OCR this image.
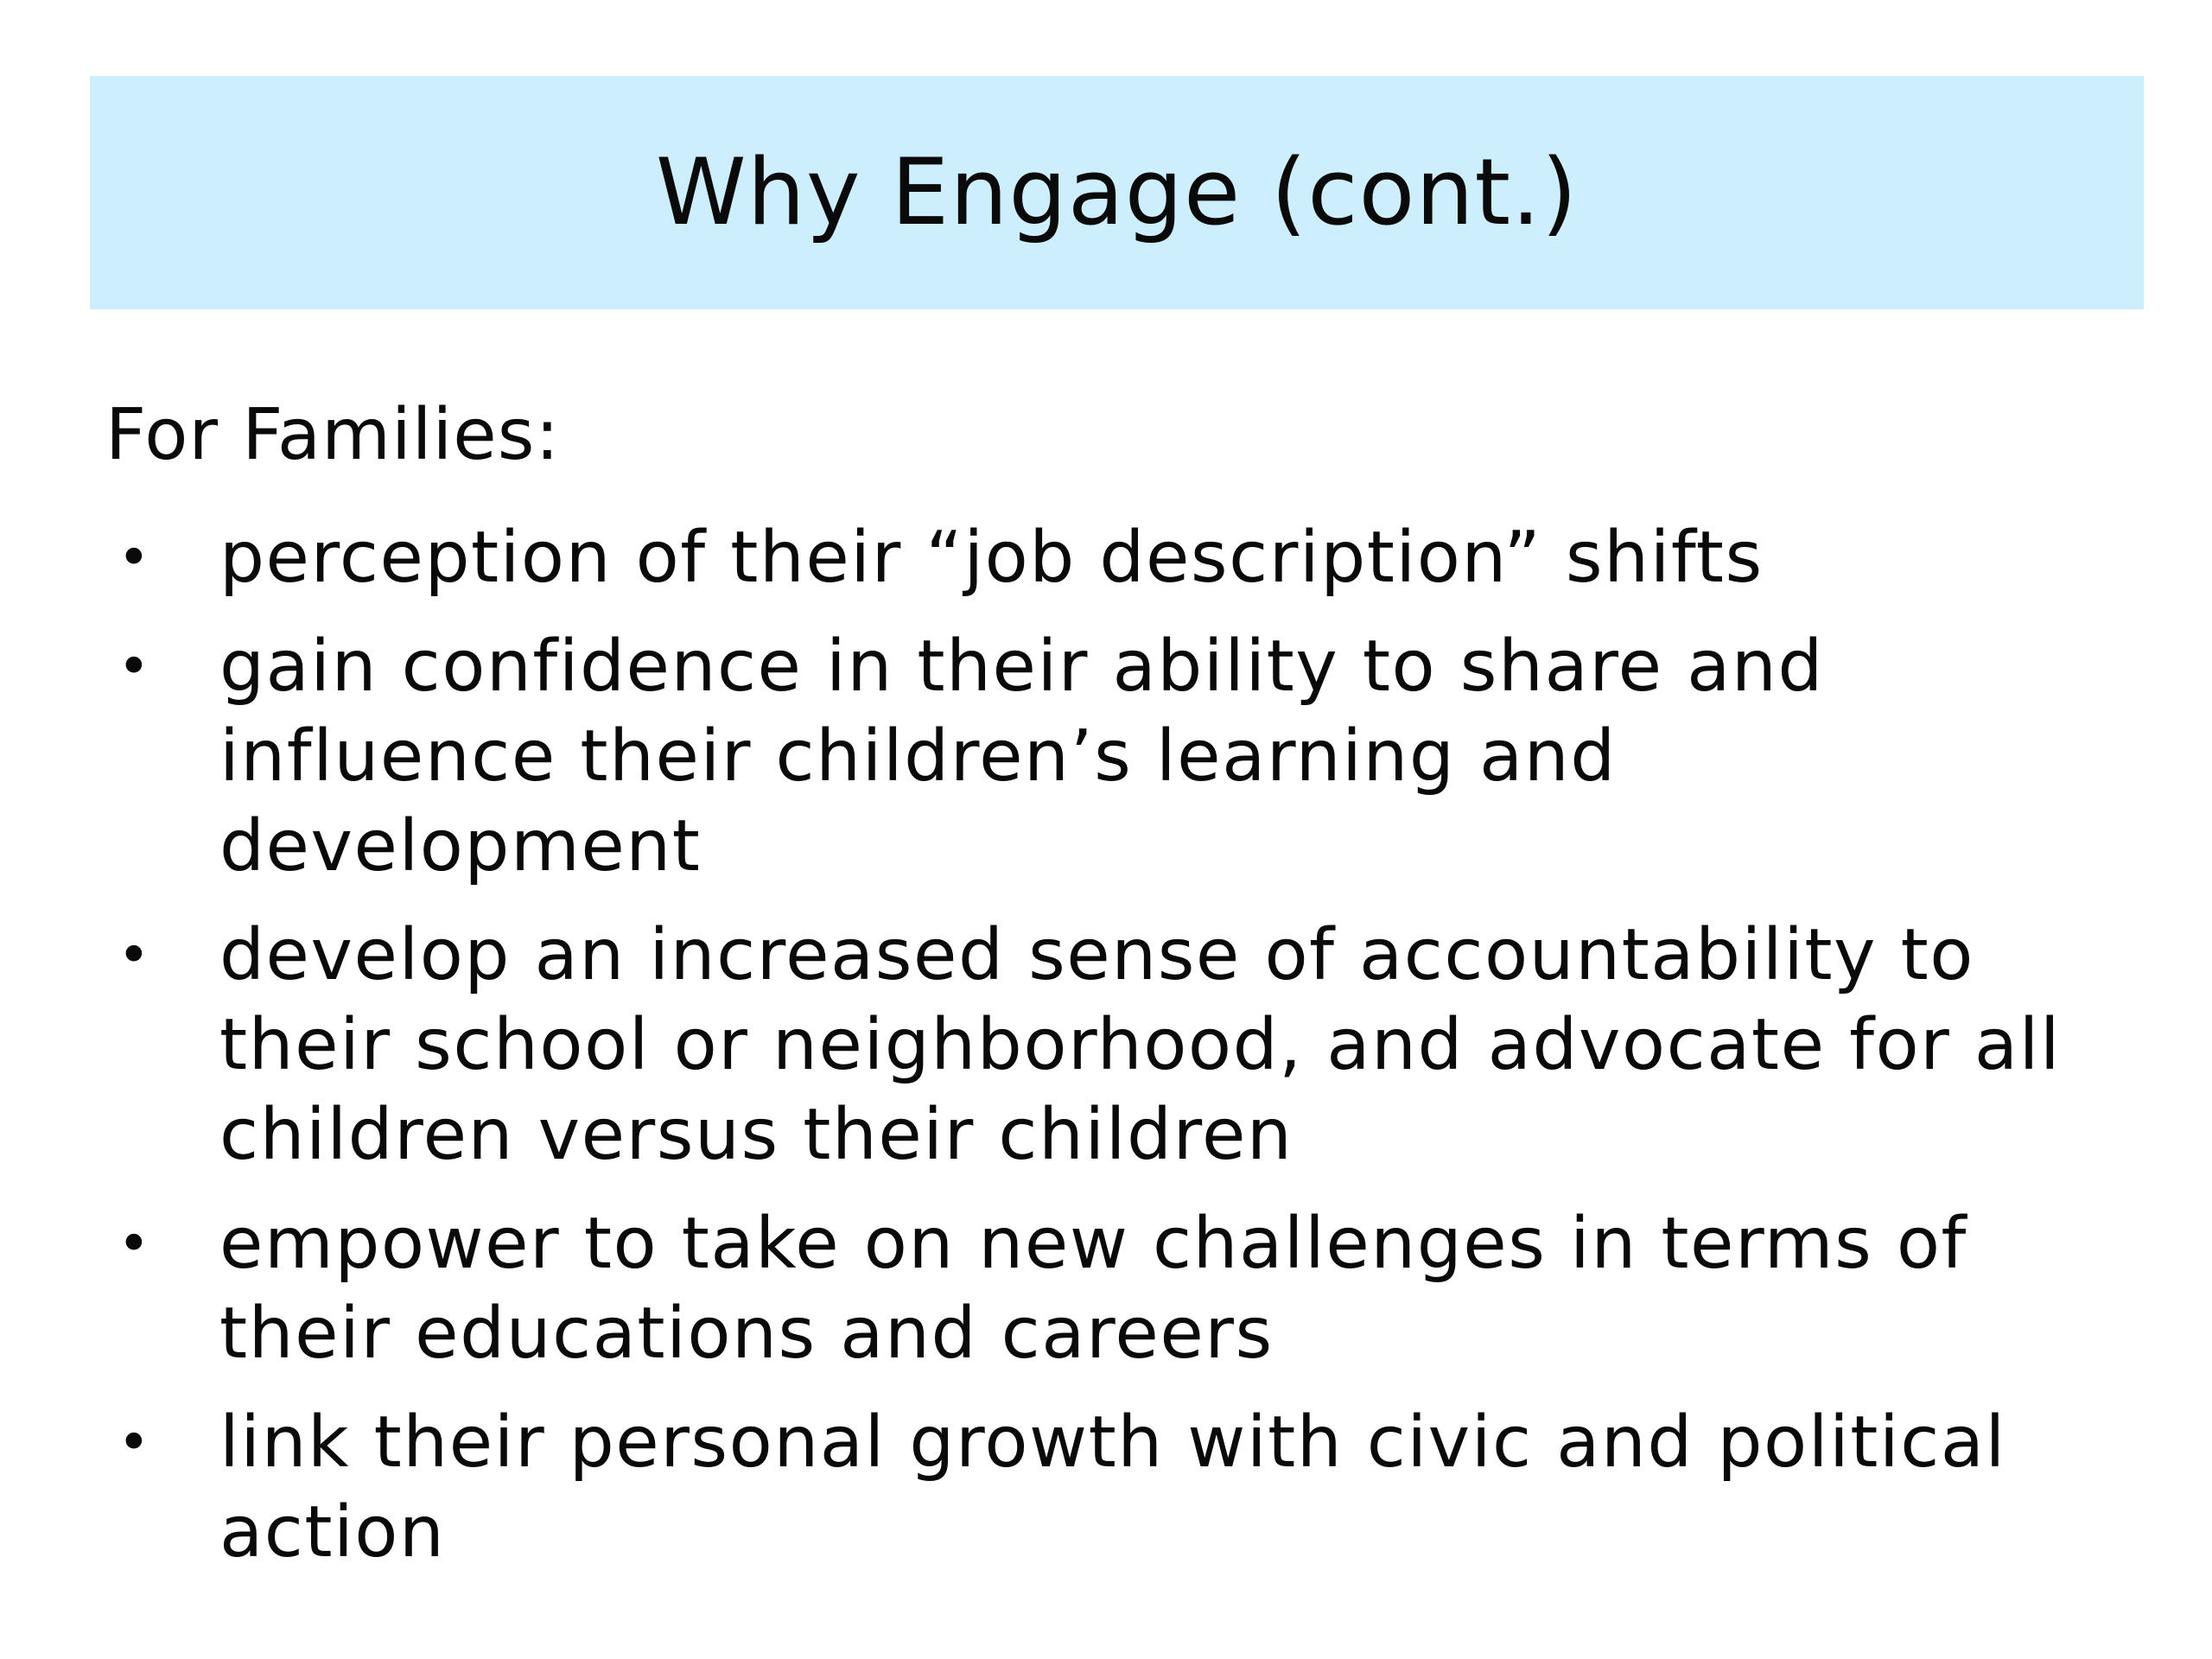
Why Engage (cont.)

For Families:

• perception of their “job description” shifts
• gain confidence in their ability to share and influence their children’s learning and development
• develop an increased sense of accountability to their school or neighborhood, and advocate for all children versus their children
• empower to take on new challenges in terms of their educations and careers
• link their personal growth with civic and political action
